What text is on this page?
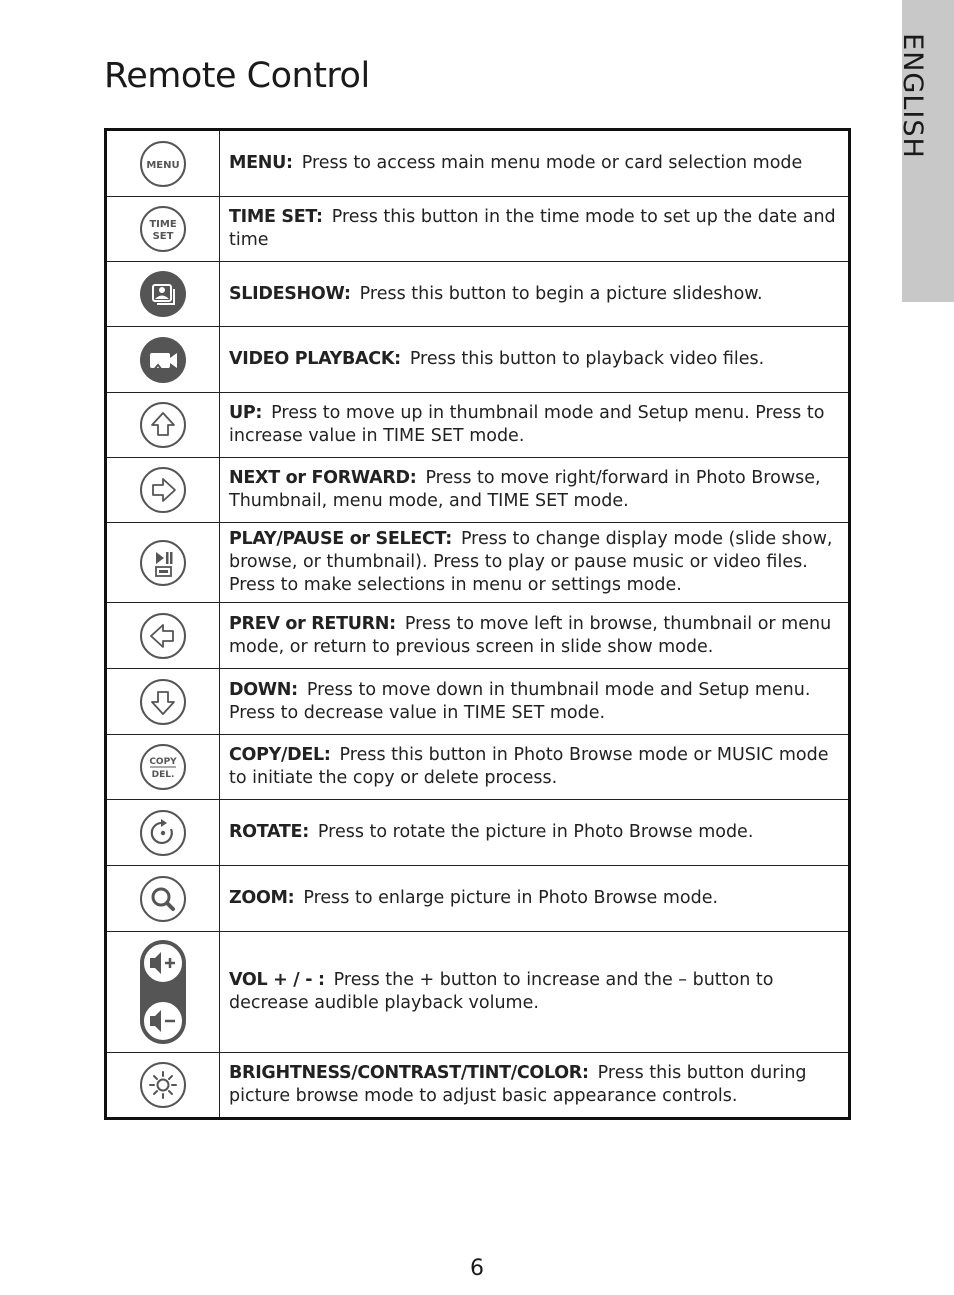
ENGLISH
Remote Control
MENU	MENU: Press to access main menu mode or card selection mode

TIME
SET	TIME SET: Press this button in the time mode to set up the date and time
	SLIDESHOW: Press this button to begin a picture slideshow.
	VIDEO PLAYBACK: Press this button to playback video files.
	UP: Press to move up in thumbnail mode and Setup menu. Press to increase value in TIME SET mode.
	NEXT or FORWARD: Press to move right/forward in Photo Browse, Thumbnail, menu mode, and TIME SET mode.
	PLAY/PAUSE or SELECT: Press to change display mode (slide show, browse, or thumbnail). Press to play or pause music or video files. Press to make selections in menu or settings mode.
	PREV or RETURN: Press to move left in browse, thumbnail or menu mode, or return to previous screen in slide show mode.
	DOWN: Press to move down in thumbnail mode and Setup menu. Press to decrease value in TIME SET mode.

COPY
DEL.	COPY/DEL: Press this button in Photo Browse mode or MUSIC mode to initiate the copy or delete process.
	ROTATE: Press to rotate the picture in Photo Browse mode.
	ZOOM: Press to enlarge picture in Photo Browse mode.
	VOL + / - : Press the + button to increase and the – button to decrease audible playback volume.
	BRIGHTNESS/CONTRAST/TINT/COLOR: Press this button during picture browse mode to adjust basic appearance controls.
6
